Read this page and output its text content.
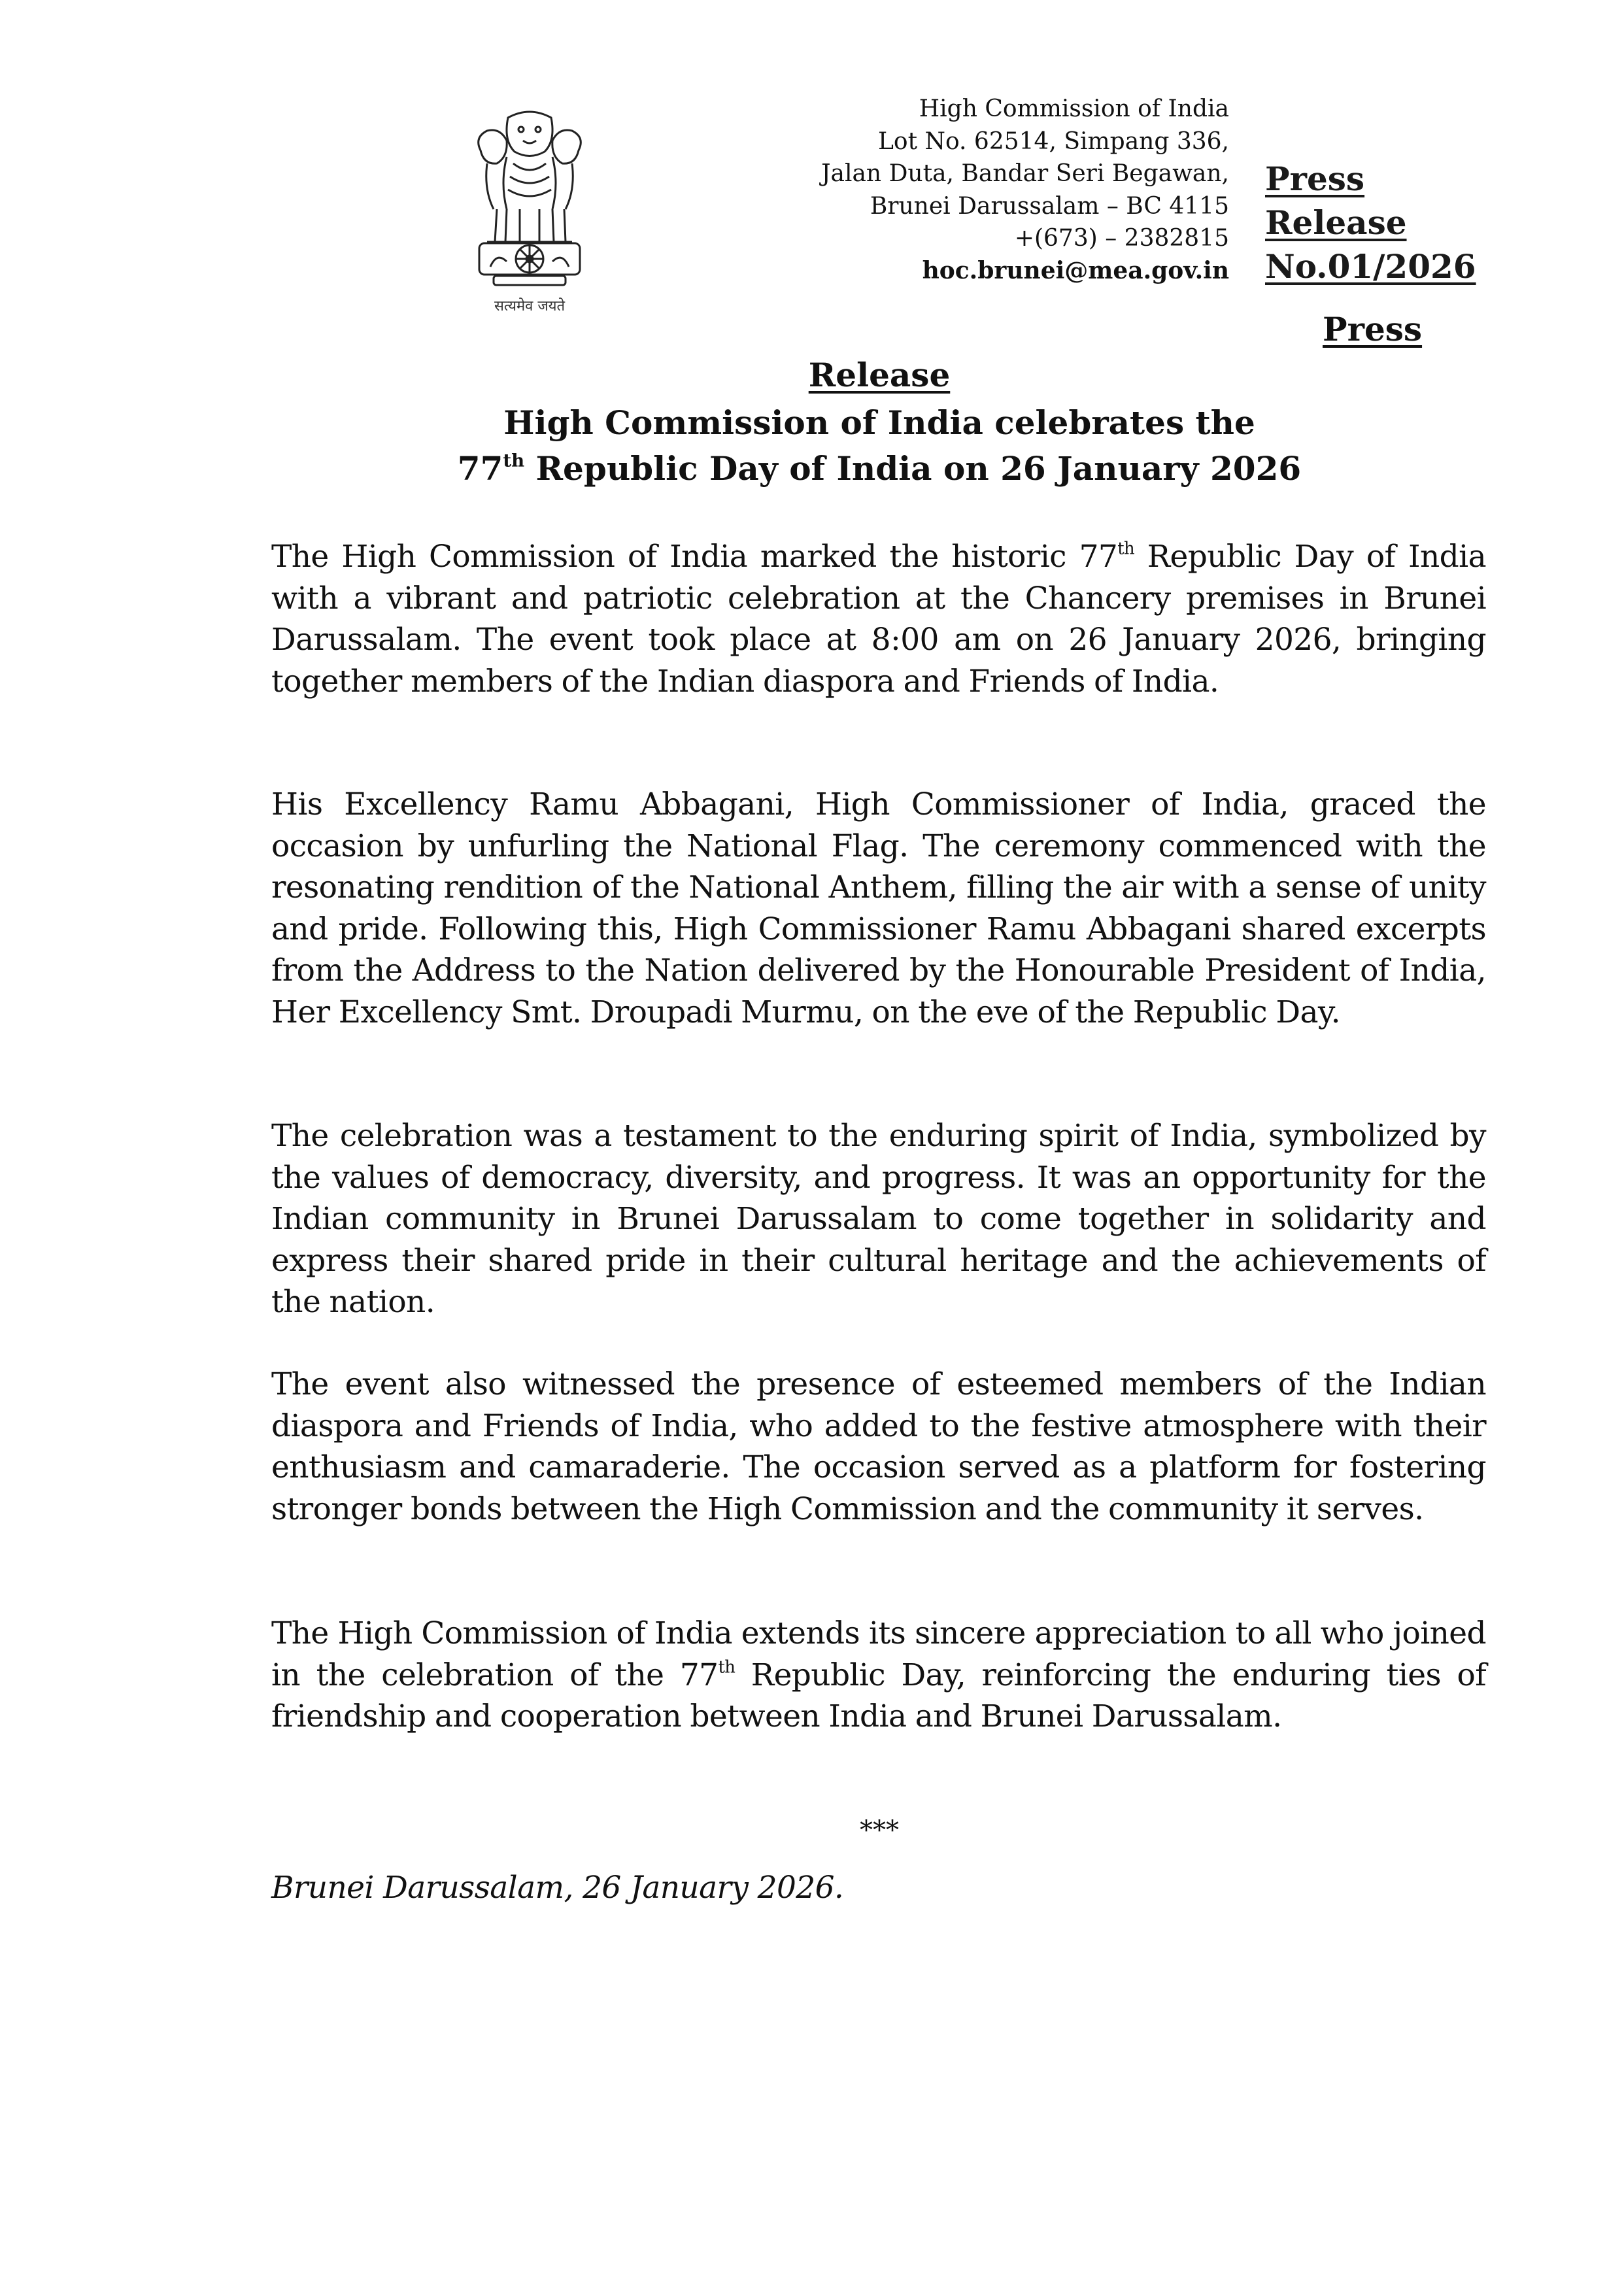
सत्यमेव जयते
High Commission of India
Lot No. 62514, Simpang 336,
Jalan Duta, Bandar Seri Begawan,
Brunei Darussalam – BC 4115
+(673) – 2382815
hoc.brunei@mea.gov.in
Press
Release
No.01/2026
Press
Release
High Commission of India celebrates the
77th Republic Day of India on 26 January 2026

The High Commission of India marked the historic 77th Republic Day of India with a vibrant and patriotic celebration at the Chancery premises in Brunei Darussalam. The event took place at 8:00 am on 26 January 2026, bringing together members of the Indian diaspora and Friends of India.

His Excellency Ramu Abbagani, High Commissioner of India, graced the occasion by unfurling the National Flag. The ceremony commenced with the resonating rendition of the National Anthem, filling the air with a sense of unity and pride. Following this, High Commissioner Ramu Abbagani shared excerpts from the Address to the Nation delivered by the Honourable President of India, Her Excellency Smt. Droupadi Murmu, on the eve of the Republic Day.

The celebration was a testament to the enduring spirit of India, symbolized by the values of democracy, diversity, and progress. It was an opportunity for the Indian community in Brunei Darussalam to come together in solidarity and express their shared pride in their cultural heritage and the achievements of the nation.

The event also witnessed the presence of esteemed members of the Indian diaspora and Friends of India, who added to the festive atmosphere with their enthusiasm and camaraderie. The occasion served as a platform for fostering stronger bonds between the High Commission and the community it serves.

The High Commission of India extends its sincere appreciation to all who joined in the celebration of the 77th Republic Day, reinforcing the enduring ties of friendship and cooperation between India and Brunei Darussalam.

***
Brunei Darussalam, 26 January 2026.
